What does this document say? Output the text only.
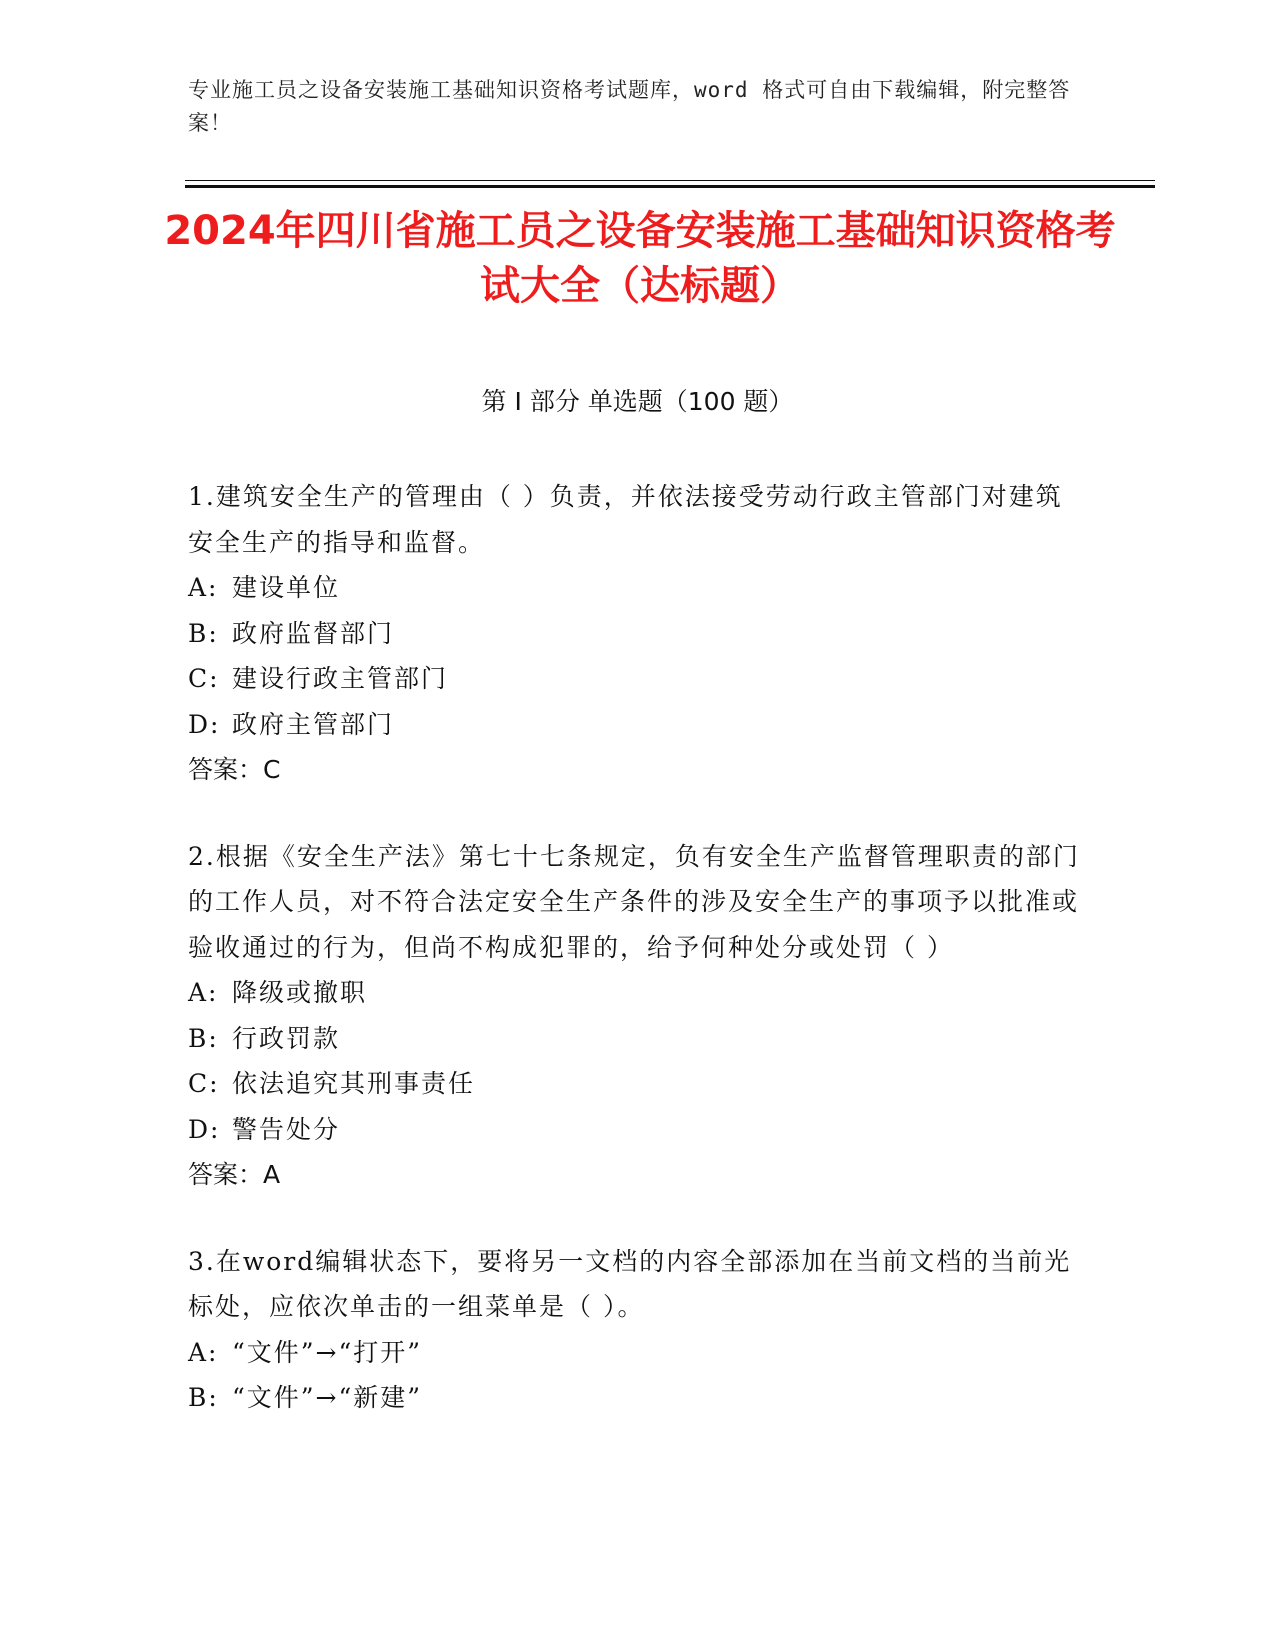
专业施工员之设备安装施工基础知识资格考试题库，word 格式可自由下载编辑，附完整答案！
2024年四川省施工员之设备安装施工基础知识资格考试大全（达标题）
第 I 部分 单选题（100 题）
1.建筑安全生产的管理由（ ）负责，并依法接受劳动行政主管部门对建筑安全生产的指导和监督。
A: 建设单位
B: 政府监督部门
C: 建设行政主管部门
D: 政府主管部门
答案：C
2.根据《安全生产法》第七十七条规定，负有安全生产监督管理职责的部门的工作人员，对不符合法定安全生产条件的涉及安全生产的事项予以批准或验收通过的行为，但尚不构成犯罪的，给予何种处分或处罚（ ）
A: 降级或撤职
B: 行政罚款
C: 依法追究其刑事责任
D: 警告处分
答案：A
3.在word编辑状态下，要将另一文档的内容全部添加在当前文档的当前光标处，应依次单击的一组菜单是（ ）。
A: “文件”→“打开”
B: “文件”→“新建”
